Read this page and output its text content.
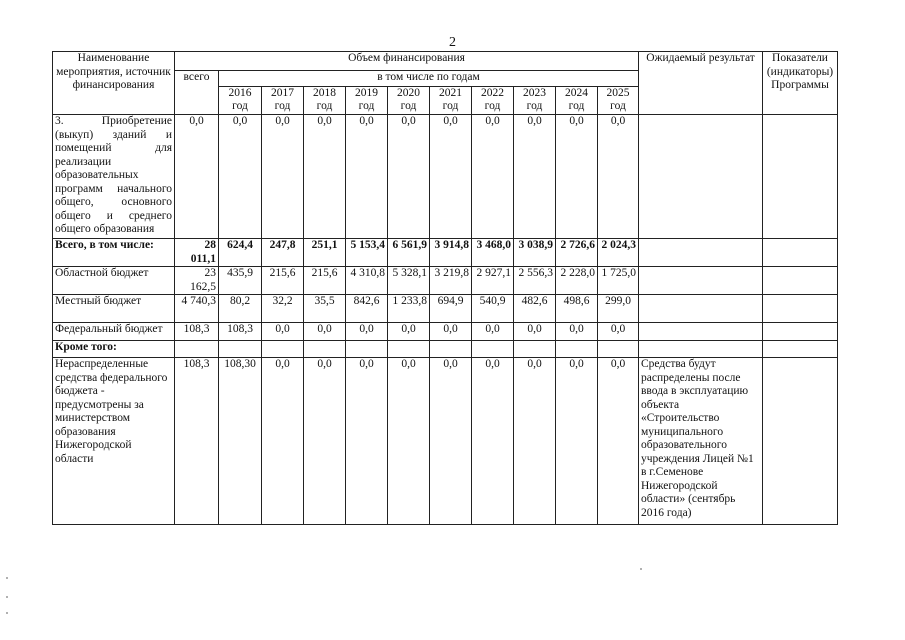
2
Наименование мероприятия, источник финансирования	Объем финансирования											Ожидаемый результат	Показатели (индикаторы) Программы
	всего	в том числе по годам											
		2016 год	2017 год	2018 год	2019 год	2020 год	2021 год	2022 год	2023 год	2024 год	2025 год		
3. Приобретение (выкуп) зданий и помещений для реализации образовательных программ начального общего, основного общего и среднего общего образования	0,0	0,0	0,0	0,0	0,0	0,0	0,0	0,0	0,0	0,0	0,0		
Всего, в том числе:	28 011,1	624,4	247,8	251,1	5 153,4	6 561,9	3 914,8	3 468,0	3 038,9	2 726,6	2 024,3		
Областной бюджет	23 162,5	435,9	215,6	215,6	4 310,8	5 328,1	3 219,8	2 927,1	2 556,3	2 228,0	1 725,0		
Местный бюджет	4 740,3	80,2	32,2	35,5	842,6	1 233,8	694,9	540,9	482,6	498,6	299,0		
Федеральный бюджет	108,3	108,3	0,0	0,0	0,0	0,0	0,0	0,0	0,0	0,0	0,0		
Кроме того:													
Нераспределенные средства федерального бюджета - предусмотрены за министерством образования Нижегородской области	108,3	108,30	0,0	0,0	0,0	0,0	0,0	0,0	0,0	0,0	0,0	Средства будут распределены после ввода в эксплуатацию объекта «Строительство муниципального образовательного учреждения Лицей №1 в г.Семенове Нижегородской области» (сентябрь 2016 года)	
